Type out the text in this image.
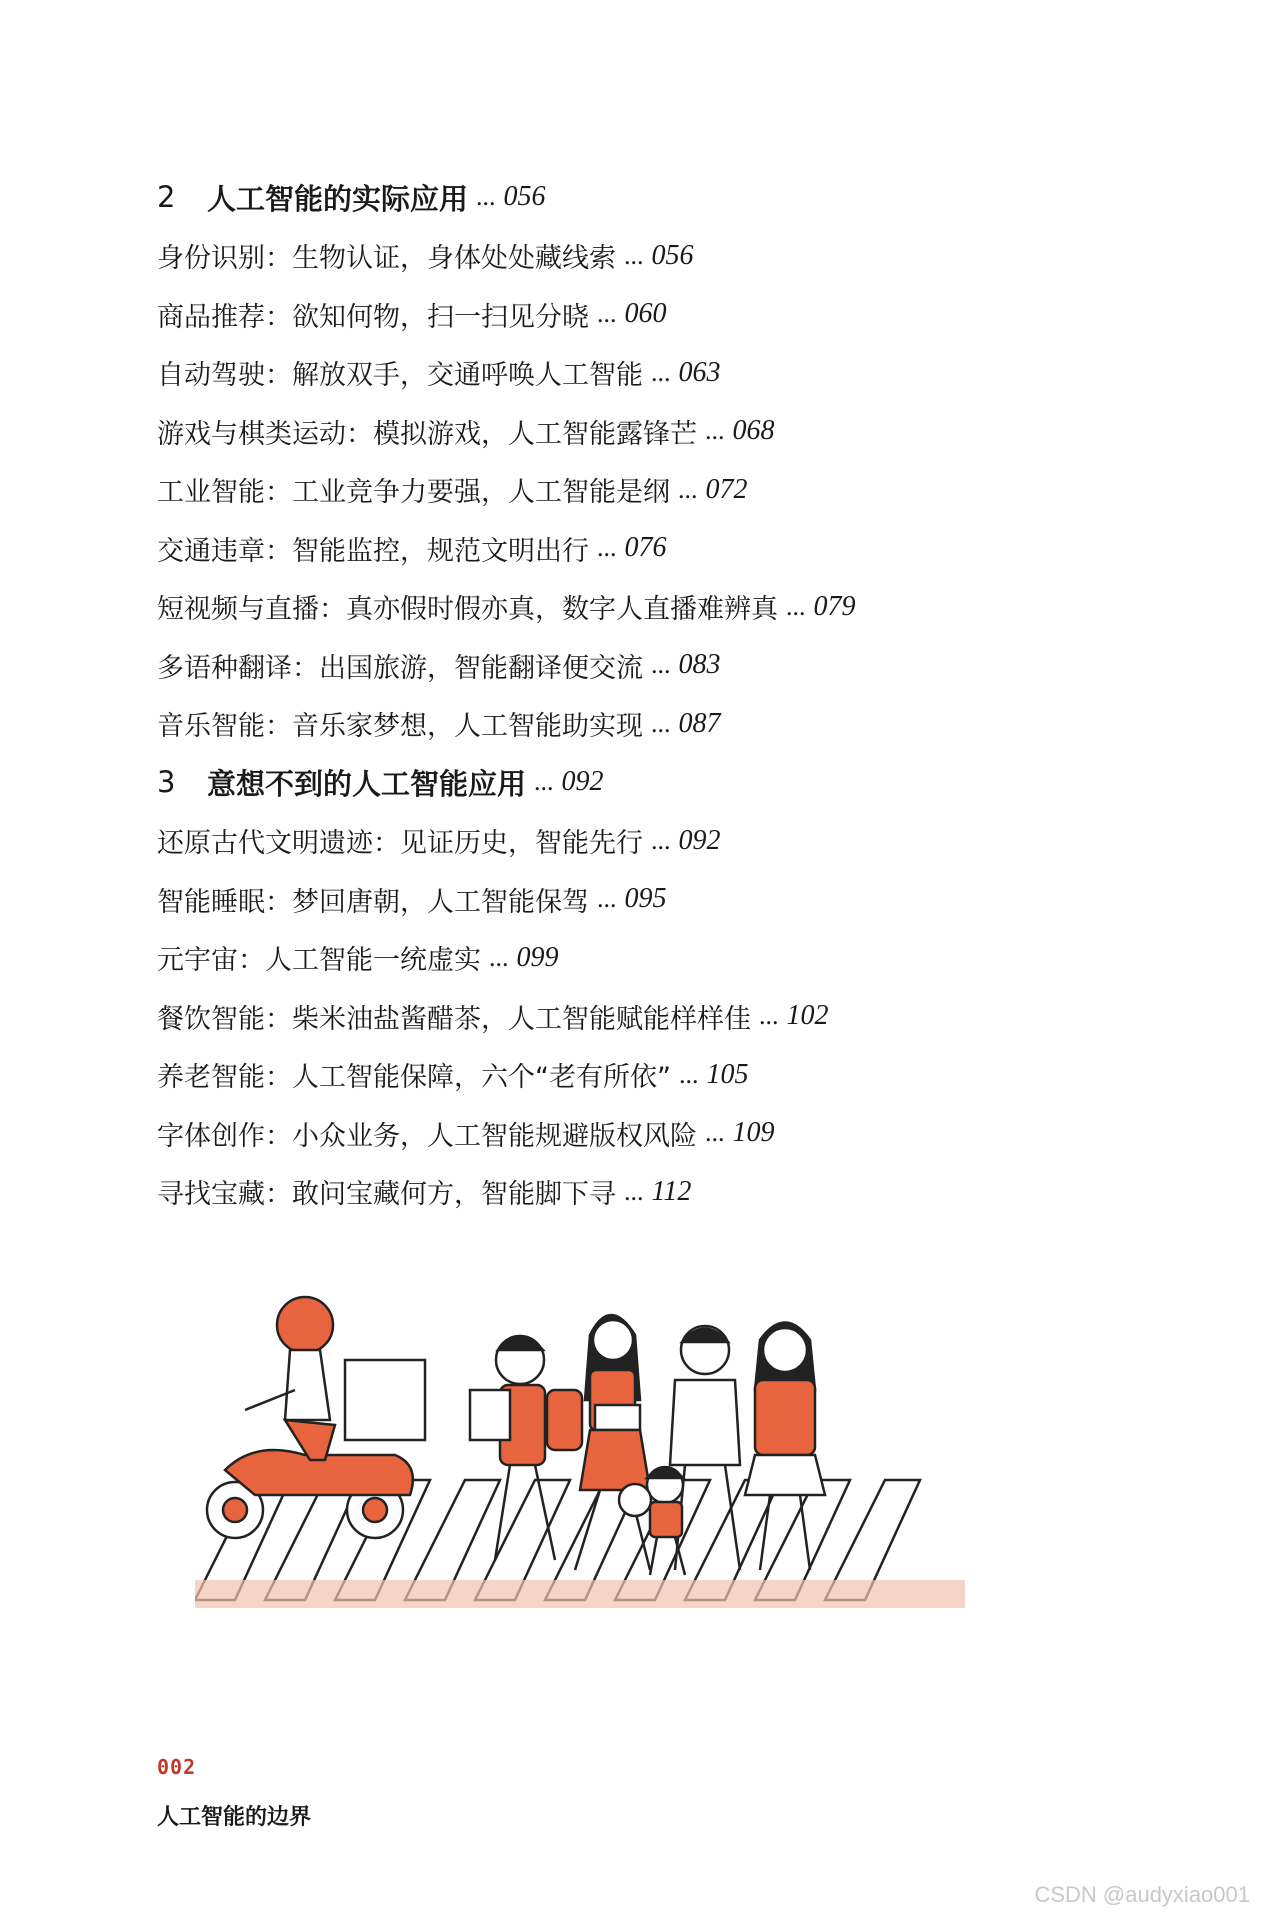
2	人工智能的实际应用 ... 056
身份识别：生物认证，身体处处藏线索 ... 056
商品推荐：欲知何物，扫一扫见分晓 ... 060
自动驾驶：解放双手，交通呼唤人工智能 ... 063
游戏与棋类运动：模拟游戏，人工智能露锋芒 ... 068
工业智能：工业竞争力要强，人工智能是纲 ... 072
交通违章：智能监控，规范文明出行 ... 076
短视频与直播：真亦假时假亦真，数字人直播难辨真 ... 079
多语种翻译：出国旅游，智能翻译便交流 ... 083
音乐智能：音乐家梦想，人工智能助实现 ... 087
3	意想不到的人工智能应用 ... 092
还原古代文明遗迹：见证历史，智能先行 ... 092
智能睡眠：梦回唐朝，人工智能保驾 ... 095
元宇宙：人工智能一统虚实 ... 099
餐饮智能：柴米油盐酱醋茶，人工智能赋能样样佳 ... 102
养老智能：人工智能保障，六个“老有所依” ... 105
字体创作：小众业务，人工智能规避版权风险 ... 109
寻找宝藏：敢问宝藏何方，智能脚下寻 ... 112
002
人工智能的边界
CSDN @audyxiao001
